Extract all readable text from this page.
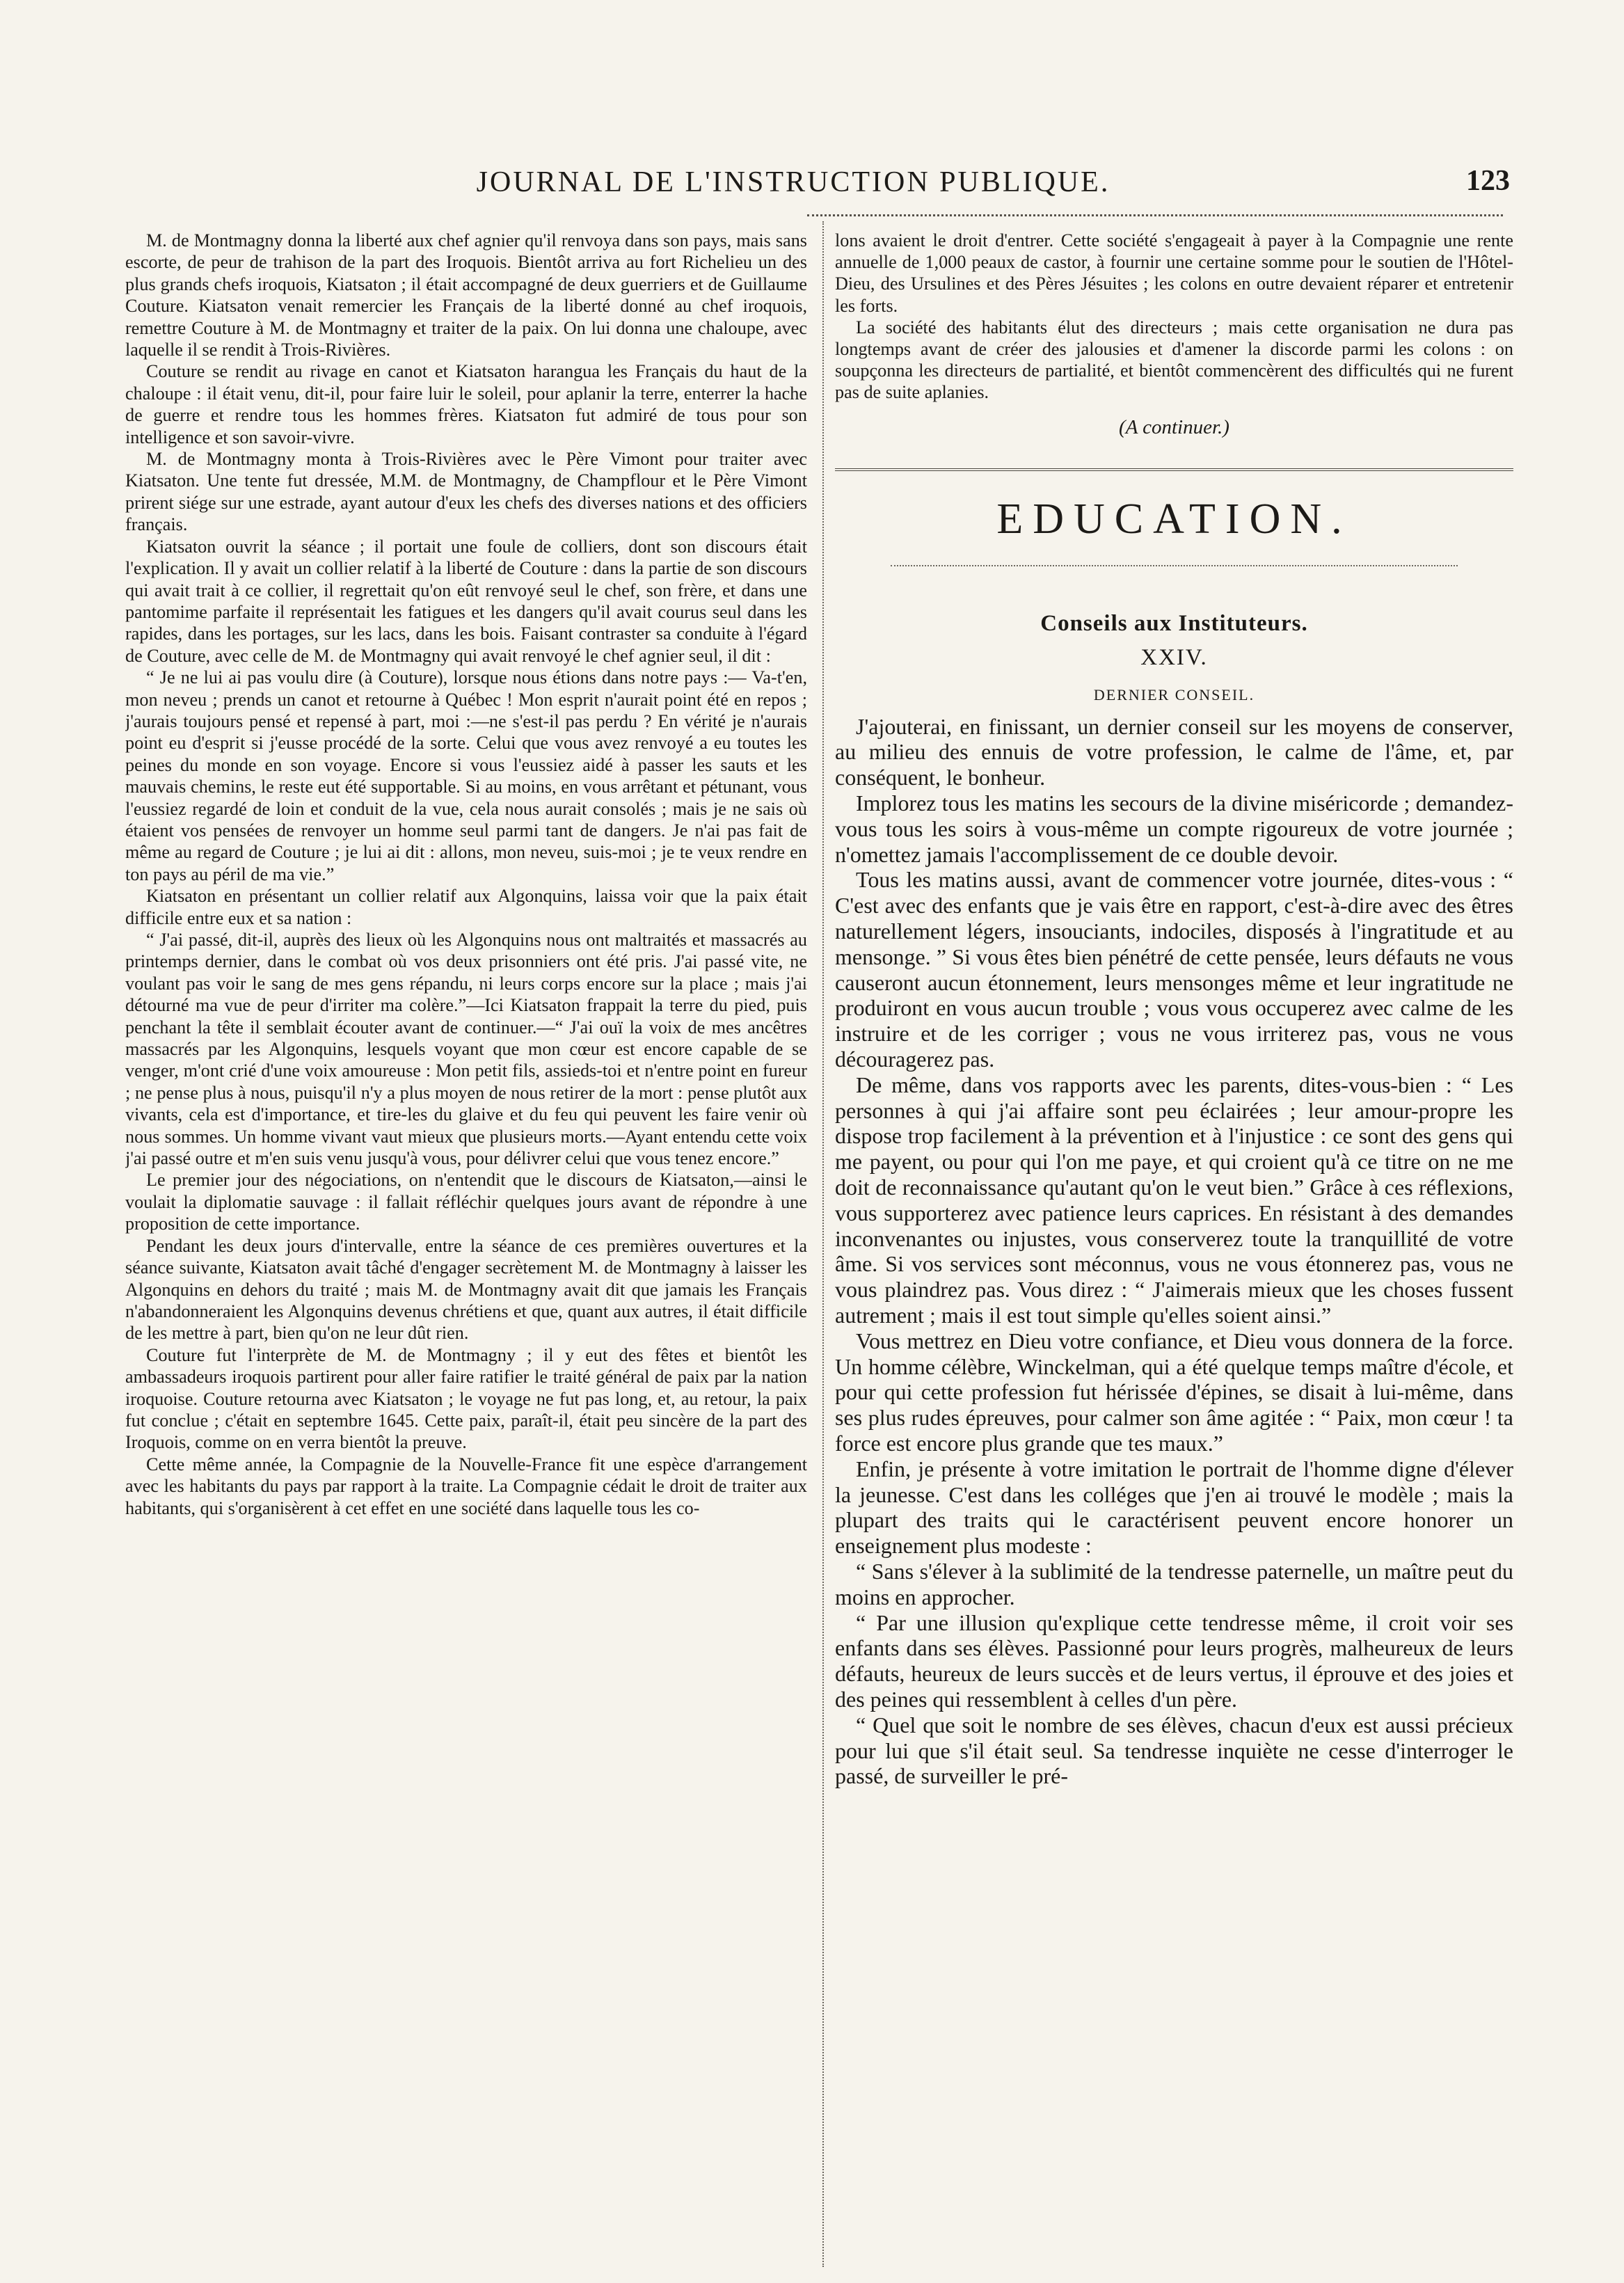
JOURNAL DE L'INSTRUCTION PUBLIQUE.	123

M. de Montmagny donna la liberté aux chef agnier qu'il renvoya dans son pays, mais sans escorte, de peur de trahison de la part des Iroquois. Bientôt arriva au fort Richelieu un des plus grands chefs iroquois, Kiatsaton ; il était accompagné de deux guerriers et de Guillaume Couture. Kiatsaton venait remercier les Français de la liberté donné au chef iroquois, remettre Couture à M. de Montmagny et traiter de la paix. On lui donna une chaloupe, avec laquelle il se rendit à Trois-Rivières.

Couture se rendit au rivage en canot et Kiatsaton harangua les Français du haut de la chaloupe : il était venu, dit-il, pour faire luir le soleil, pour aplanir la terre, enterrer la hache de guerre et rendre tous les hommes frères. Kiatsaton fut admiré de tous pour son intelligence et son savoir-vivre.

M. de Montmagny monta à Trois-Rivières avec le Père Vimont pour traiter avec Kiatsaton. Une tente fut dressée, M.M. de Montmagny, de Champflour et le Père Vimont prirent siége sur une estrade, ayant autour d'eux les chefs des diverses nations et des officiers français.

Kiatsaton ouvrit la séance ; il portait une foule de colliers, dont son discours était l'explication. Il y avait un collier relatif à la liberté de Couture : dans la partie de son discours qui avait trait à ce collier, il regrettait qu'on eût renvoyé seul le chef, son frère, et dans une pantomime parfaite il représentait les fatigues et les dangers qu'il avait courus seul dans les rapides, dans les portages, sur les lacs, dans les bois. Faisant contraster sa conduite à l'égard de Couture, avec celle de M. de Montmagny qui avait renvoyé le chef agnier seul, il dit :

“ Je ne lui ai pas voulu dire (à Couture), lorsque nous étions dans notre pays :— Va-t'en, mon neveu ; prends un canot et retourne à Québec ! Mon esprit n'aurait point été en repos ; j'aurais toujours pensé et repensé à part, moi :—ne s'est-il pas perdu ? En vérité je n'aurais point eu d'esprit si j'eusse procédé de la sorte. Celui que vous avez renvoyé a eu toutes les peines du monde en son voyage. Encore si vous l'eussiez aidé à passer les sauts et les mauvais chemins, le reste eut été supportable. Si au moins, en vous arrêtant et pétunant, vous l'eussiez regardé de loin et conduit de la vue, cela nous aurait consolés ; mais je ne sais où étaient vos pensées de renvoyer un homme seul parmi tant de dangers. Je n'ai pas fait de même au regard de Couture ; je lui ai dit : allons, mon neveu, suis-moi ; je te veux rendre en ton pays au péril de ma vie.”

Kiatsaton en présentant un collier relatif aux Algonquins, laissa voir que la paix était difficile entre eux et sa nation :

“ J'ai passé, dit-il, auprès des lieux où les Algonquins nous ont maltraités et massacrés au printemps dernier, dans le combat où vos deux prisonniers ont été pris. J'ai passé vite, ne voulant pas voir le sang de mes gens répandu, ni leurs corps encore sur la place ; mais j'ai détourné ma vue de peur d'irriter ma colère.”—Ici Kiatsaton frappait la terre du pied, puis penchant la tête il semblait écouter avant de continuer.—“ J'ai ouï la voix de mes ancêtres massacrés par les Algonquins, lesquels voyant que mon cœur est encore capable de se venger, m'ont crié d'une voix amoureuse : Mon petit fils, assieds-toi et n'entre point en fureur ; ne pense plus à nous, puisqu'il n'y a plus moyen de nous retirer de la mort : pense plutôt aux vivants, cela est d'importance, et tire-les du glaive et du feu qui peuvent les faire venir où nous sommes. Un homme vivant vaut mieux que plusieurs morts.—Ayant entendu cette voix j'ai passé outre et m'en suis venu jusqu'à vous, pour délivrer celui que vous tenez encore.”

Le premier jour des négociations, on n'entendit que le discours de Kiatsaton,—ainsi le voulait la diplomatie sauvage : il fallait réfléchir quelques jours avant de répondre à une proposition de cette importance.

Pendant les deux jours d'intervalle, entre la séance de ces premières ouvertures et la séance suivante, Kiatsaton avait tâché d'engager secrètement M. de Montmagny à laisser les Algonquins en dehors du traité ; mais M. de Montmagny avait dit que jamais les Français n'abandonneraient les Algonquins devenus chrétiens et que, quant aux autres, il était difficile de les mettre à part, bien qu'on ne leur dût rien.

Couture fut l'interprète de M. de Montmagny ; il y eut des fêtes et bientôt les ambassadeurs iroquois partirent pour aller faire ratifier le traité général de paix par la nation iroquoise. Couture retourna avec Kiatsaton ; le voyage ne fut pas long, et, au retour, la paix fut conclue ; c'était en septembre 1645. Cette paix, paraît-il, était peu sincère de la part des Iroquois, comme on en verra bientôt la preuve.

Cette même année, la Compagnie de la Nouvelle-France fit une espèce d'arrangement avec les habitants du pays par rapport à la traite. La Compagnie cédait le droit de traiter aux habitants, qui s'organisèrent à cet effet en une société dans laquelle tous les co-

lons avaient le droit d'entrer. Cette société s'engageait à payer à la Compagnie une rente annuelle de 1,000 peaux de castor, à fournir une certaine somme pour le soutien de l'Hôtel-Dieu, des Ursulines et des Pères Jésuites ; les colons en outre devaient réparer et entretenir les forts.

La société des habitants élut des directeurs ; mais cette organisation ne dura pas longtemps avant de créer des jalousies et d'amener la discorde parmi les colons : on soupçonna les directeurs de partialité, et bientôt commencèrent des difficultés qui ne furent pas de suite aplanies.

(A continuer.)
EDUCATION.
Conseils aux Instituteurs.
XXIV.
DERNIER CONSEIL.

J'ajouterai, en finissant, un dernier conseil sur les moyens de conserver, au milieu des ennuis de votre profession, le calme de l'âme, et, par conséquent, le bonheur.

Implorez tous les matins les secours de la divine miséricorde ; demandez-vous tous les soirs à vous-même un compte rigoureux de votre journée ; n'omettez jamais l'accomplissement de ce double devoir.

Tous les matins aussi, avant de commencer votre journée, dites-vous : “ C'est avec des enfants que je vais être en rapport, c'est-à-dire avec des êtres naturellement légers, insouciants, indociles, disposés à l'ingratitude et au mensonge. ” Si vous êtes bien pénétré de cette pensée, leurs défauts ne vous causeront aucun étonnement, leurs mensonges même et leur ingratitude ne produiront en vous aucun trouble ; vous vous occuperez avec calme de les instruire et de les corriger ; vous ne vous irriterez pas, vous ne vous découragerez pas.

De même, dans vos rapports avec les parents, dites-vous-bien : “ Les personnes à qui j'ai affaire sont peu éclairées ; leur amour-propre les dispose trop facilement à la prévention et à l'injustice : ce sont des gens qui me payent, ou pour qui l'on me paye, et qui croient qu'à ce titre on ne me doit de reconnaissance qu'autant qu'on le veut bien.” Grâce à ces réflexions, vous supporterez avec patience leurs caprices. En résistant à des demandes inconvenantes ou injustes, vous conserverez toute la tranquillité de votre âme. Si vos services sont méconnus, vous ne vous étonnerez pas, vous ne vous plaindrez pas. Vous direz : “ J'aimerais mieux que les choses fussent autrement ; mais il est tout simple qu'elles soient ainsi.”

Vous mettrez en Dieu votre confiance, et Dieu vous donnera de la force. Un homme célèbre, Winckelman, qui a été quelque temps maître d'école, et pour qui cette profession fut hérissée d'épines, se disait à lui-même, dans ses plus rudes épreuves, pour calmer son âme agitée : “ Paix, mon cœur ! ta force est encore plus grande que tes maux.”

Enfin, je présente à votre imitation le portrait de l'homme digne d'élever la jeunesse. C'est dans les colléges que j'en ai trouvé le modèle ; mais la plupart des traits qui le caractérisent peuvent encore honorer un enseignement plus modeste :

“ Sans s'élever à la sublimité de la tendresse paternelle, un maître peut du moins en approcher.

“ Par une illusion qu'explique cette tendresse même, il croit voir ses enfants dans ses élèves. Passionné pour leurs progrès, malheureux de leurs défauts, heureux de leurs succès et de leurs vertus, il éprouve et des joies et des peines qui ressemblent à celles d'un père.

“ Quel que soit le nombre de ses élèves, chacun d'eux est aussi précieux pour lui que s'il était seul. Sa tendresse inquiète ne cesse d'interroger le passé, de surveiller le pré-
